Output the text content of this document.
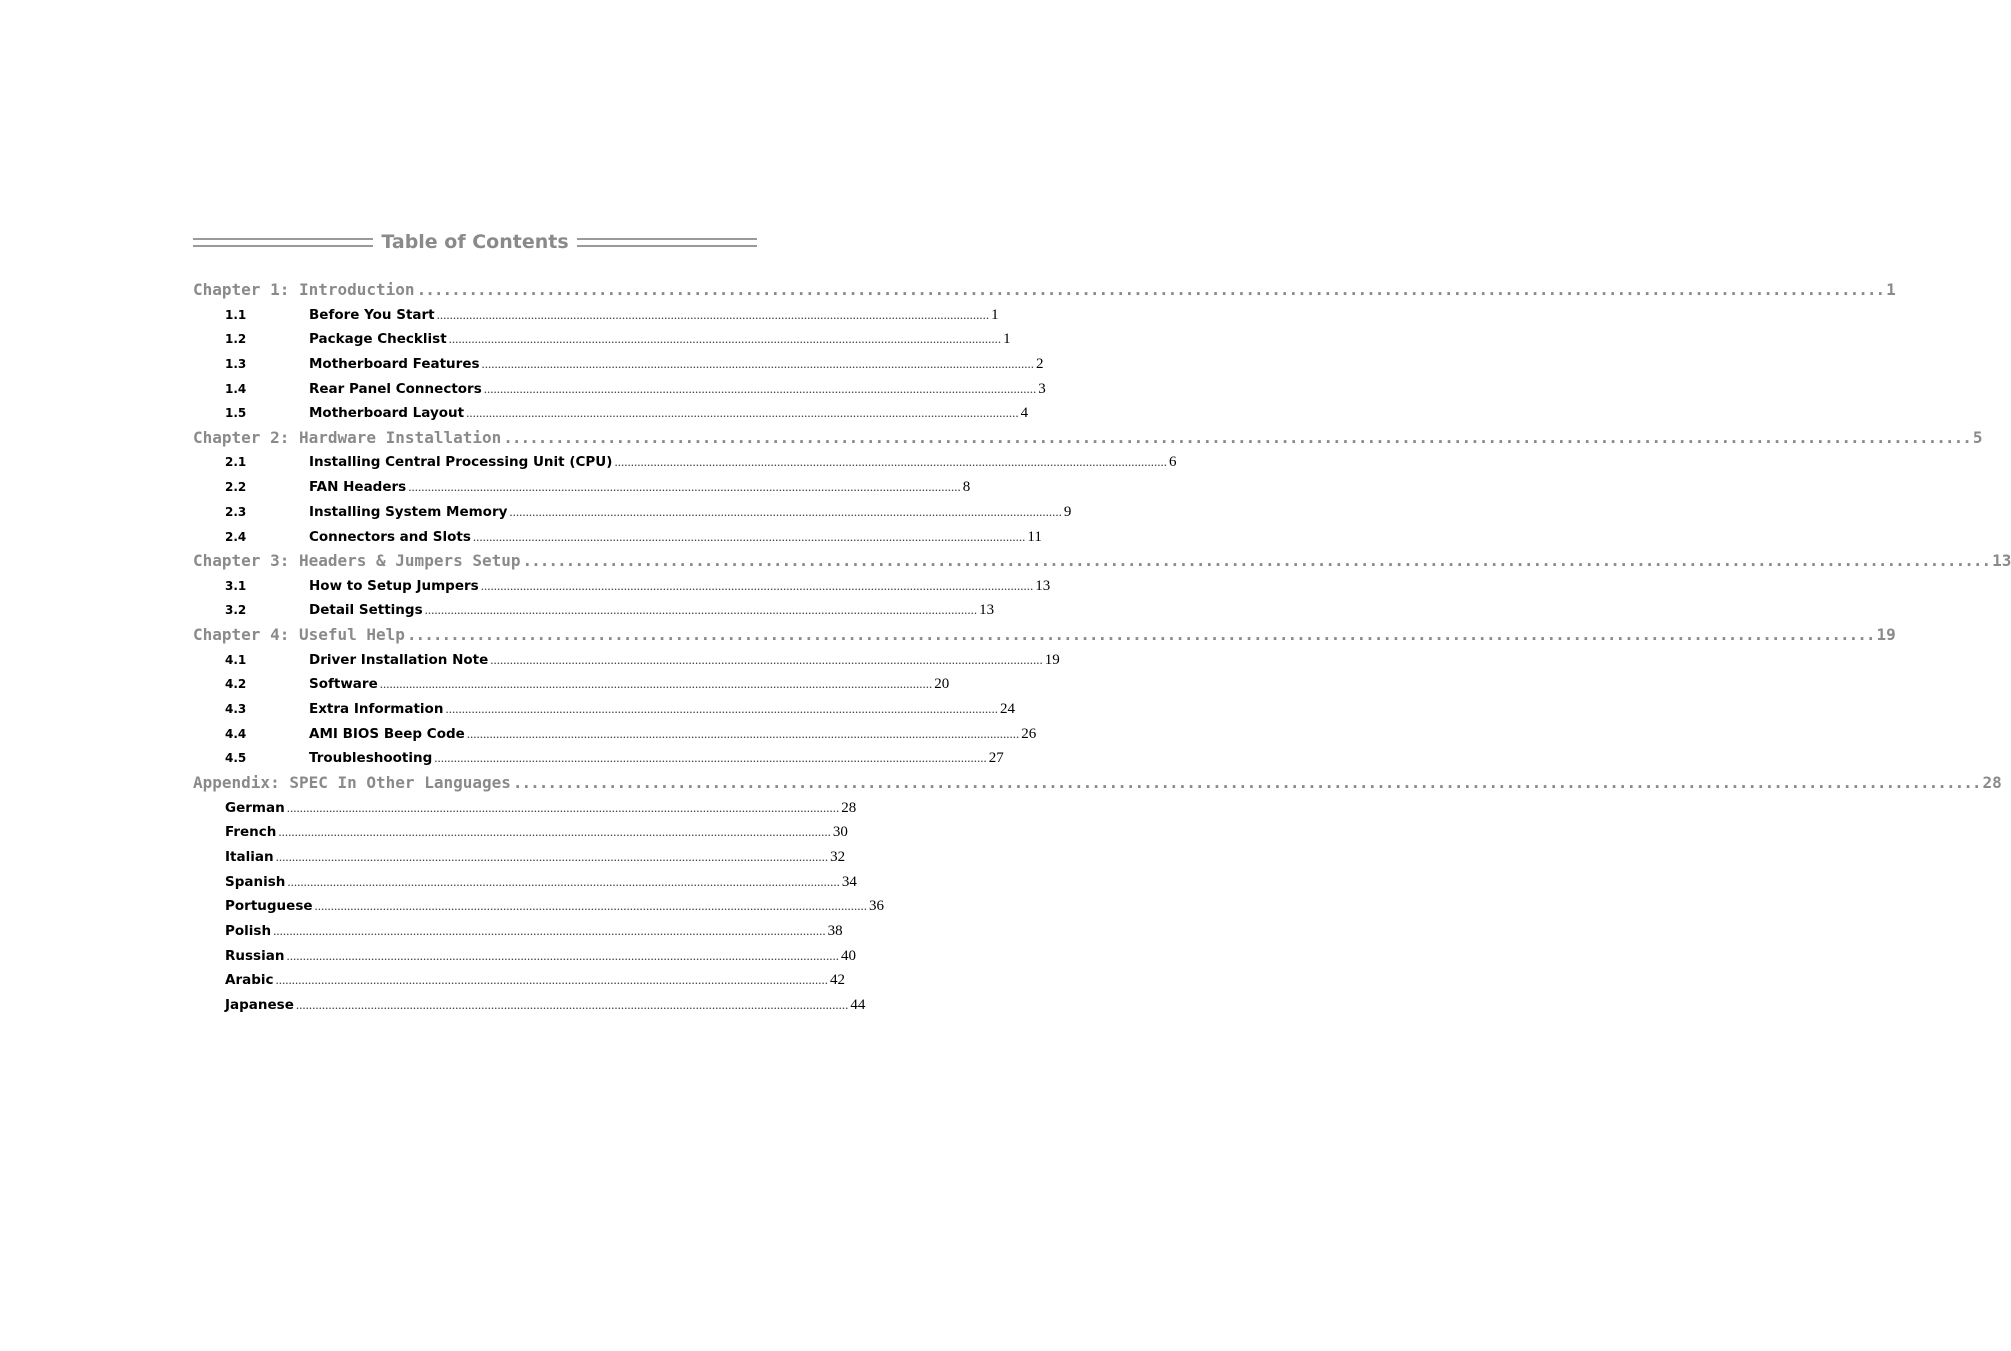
Table of Contents
Chapter 1: Introduction .......................................................................................................................................................................... 1
1.1	Before You Start .......................................................................................................................................................................... 1
1.2	Package Checklist .......................................................................................................................................................................... 1
1.3	Motherboard Features .......................................................................................................................................................................... 2
1.4	Rear Panel Connectors .......................................................................................................................................................................... 3
1.5	Motherboard Layout .......................................................................................................................................................................... 4
Chapter 2: Hardware Installation .......................................................................................................................................................................... 5
2.1	Installing Central Processing Unit (CPU) .......................................................................................................................................................................... 6
2.2	FAN Headers .......................................................................................................................................................................... 8
2.3	Installing System Memory .......................................................................................................................................................................... 9
2.4	Connectors and Slots .......................................................................................................................................................................... 11
Chapter 3: Headers & Jumpers Setup .......................................................................................................................................................................... 13
3.1	How to Setup Jumpers .......................................................................................................................................................................... 13
3.2	Detail Settings .......................................................................................................................................................................... 13
Chapter 4: Useful Help .......................................................................................................................................................................... 19
4.1	Driver Installation Note .......................................................................................................................................................................... 19
4.2	Software .......................................................................................................................................................................... 20
4.3	Extra Information .......................................................................................................................................................................... 24
4.4	AMI BIOS Beep Code .......................................................................................................................................................................... 26
4.5	Troubleshooting .......................................................................................................................................................................... 27
Appendix: SPEC In Other Languages .......................................................................................................................................................................... 28
German .......................................................................................................................................................................... 28
French .......................................................................................................................................................................... 30
Italian .......................................................................................................................................................................... 32
Spanish .......................................................................................................................................................................... 34
Portuguese .......................................................................................................................................................................... 36
Polish .......................................................................................................................................................................... 38
Russian .......................................................................................................................................................................... 40
Arabic .......................................................................................................................................................................... 42
Japanese .......................................................................................................................................................................... 44
